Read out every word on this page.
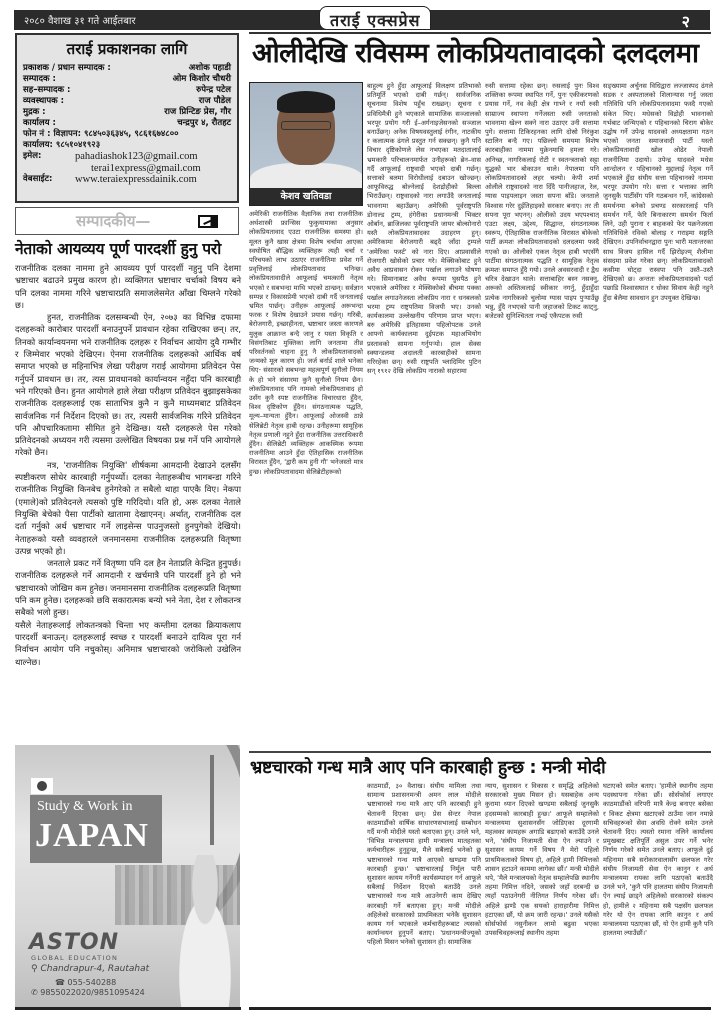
२०८० वैशाख ३१ गते आईतबार	तराई एक्सप्रेस	२
तराई प्रकाशनका लागि
प्रकाशक / प्रधान सम्पादक :	अशोक पहाडी
सम्पादक :	ओम किशोर चौधरी
सह–सम्पादक :	रुपेन्द्र पटेल
व्यवस्थापक :	राज पौडेल
मुद्रक :	राज प्रिन्टिङ प्रेस, गौर
कार्यालय :	चन्द्रपुर ४, रौतहट
फोन नं : विज्ञापन: ९८४५०३६३४५, ९८६१६७४८००
कार्यालय: ९८५१०४१९२३
इमेल:	pahadiashok123@gmail.com
terai1express@gmail.com
वेबसाईट:	www.teraiexpressdainik.com
सम्पादकीय—
नेताको आयव्यय पूर्ण पारदर्शी हुनु परो

राजनीतिक दलका नाममा हुने आयव्यय पूर्ण पारदर्शी नहुनु पनि देशमा भ्रष्टाचार बढाउने प्रमुख कारण हो। व्यक्तिगत भ्रष्टाचार चर्चाको विषय बने पनि दलका नाममा गरिने भ्रष्टाचारप्रति समाजलेसमेत आँखा चिम्लने गरेको छ।

हुनत, राजनीतिक दलसम्बन्धी ऐन, २०७३ का विभिन्न दफामा दलहरूको कारोबार पारदर्शी बनाउनुपर्ने प्रावधान रहेका राखिएका छन्। तर, तिनको कार्यान्वयनमा भने राजनीतिक दलहरू र निर्वाचन आयोग दुवै गम्भीर र जिम्मेवार भएको देखिएन। ऐनमा राजनीतिक दलहरूको आर्थिक वर्ष समाप्त भएको छ महिनाभित्र लेखा परीक्षण गराई आयोगमा प्रतिवेदन पेस गर्नुपर्ने प्रावधान छ। तर, त्यस प्रावधानको कार्यान्वयन नहुँदा पनि कारबाही भने गरिएको छैन। हुनत आयोगले हाले लेखा परीक्षण प्रतिवेदन बुझाइसकेका राजनीतिक दलहरूलाई एक साताभित्र कुनै न कुनै माध्यमबाट प्रतिवेदन सार्वजनिक गर्न निर्देशन दिएको छ। तर, त्यसरी सार्वजनिक गरिने प्रतिवेदन पनि औपचारिकतामा सीमित हुने देखिन्छ। यस्तै दलहरूले पेस गरेको प्रतिवेदनको अध्ययन गरी त्यसमा उल्लेखित विषयका प्रश्न गर्ने पनि आयोगले गरेको छैन।

नत्र, 'राजनीतिक नियुक्ति' शीर्षकमा आमदानी देखाउने दलसँग स्पष्टीकरण सोधेर कारबाही गर्नुपर्थ्यो। दलका नेताहरूबीच भागबन्डा गरिने राजनीतिक नियुक्ति किनबेच हुनेगरेको त सबैलो थाहा पाएकै विए। नेकपा (एमाले)को प्रतिवेदनले त्यसको पुष्टि गरिदियो। यति हो, अरू दलका नेताले नियुक्ति बेचेको पैसा पार्टीको खातामा देखाएनन्। अर्थात्, राजनीतिक दल दर्ता गर्नुको अर्थ भ्रष्टाचार गर्ने लाइसेन्स पाउनुजस्तो हुनपुगेको देखियो। नेताहरूको यस्तै व्यवहारले जनमानसमा राजनीतिक दलहरूप्रति वितृष्णा उत्पन्न भएको हो।

जनताले प्रकट गर्ने वितृष्णा पनि दल हैन नेताप्रति केन्द्रित हुनुपर्छ। राजनीतिक दलहरूले गर्ने आमदानी र खर्चमात्रै पनि पारदर्शी हुने हो भने भ्रष्टाचारको जोखिम कम हुनेछ। जनमानसमा राजनीतिक दलहरूप्रति वितृष्णा पनि कम हुनेछ। दलहरूको छवि सकारात्मक बन्यो भने नेता, देश र लोकतन्त्र सबैको भलो हुन्छ।

यसैले नेताहरूलाई लोकतन्त्रको चिन्ता भए कम्तीमा दलका क्रियाकलाप पारदर्शी बनाऊन्। दलहरूलाई स्वच्छ र पारदर्शी बनाउने दायित्व पूरा गर्न निर्वाचन आयोग पनि नचुकोस्। अनिमात्र भ्रष्टाचारको जरोकिलो उखेलिन थाल्नेछ।

Study & Work in
JAPAN
ASTON
GLOBAL EDUCATION
⚲ Chandrapur-4, Rautahat
☎ 055-540288
✆ 9855022020/9851095424
ओलीदेखि रविसम्म लोकप्रियतावादको दलदलमा
केशव खतिवडा

अमेरिकी राजनीतिक वैज्ञानिक तथा राजनीतिक अर्थशास्त्री फ्रान्सिस फुकुयामाका अनुसार लोकप्रियतावाद एउटा राजनीतिक समस्या हो। मूलत कुनै खास क्षेत्रमा विशेष चर्चामा आएका स्वघोषित बौद्धिक व्यक्तिहरू त्यही चर्चा र परिचयको लाभ उठाएर राजनीतिमा प्रवेश गर्ने प्रवृत्तिलाई लोकप्रियतावाद भनिन्छ। लोकप्रियतावादीले आफूलाई चमत्कारी नेतृत्व भएको र सबभन्दा माथि भएको ठान्छन्। सर्वज्ञान सम्पन्न र विकासप्रेमी भएको दाबी गर्दै जनतालाई भ्रमित पार्छन्। उनीहरू आफूलाई अरूभन्दा फरक र विशेष देखाउने प्रयास गर्छन्। गरिबी, बेरोजगारी, इच्छाहीनता, भ्रष्टाचार जस्ता कारणले मुलुक आक्रान्त बन्दै जानु र यस्ता विकृति र विसंगतिबाट मुक्तिका लागि जनतामा तीव्र परिवर्तनको चाहना हुनु नै लोकप्रियतावादको जन्मको मूल कारण हो। जर्ज बर्नार्ड शाले भनेका थिए- संसारको सबभन्दा महत्वपूर्ण सुनौलो नियम के हो भने संसारमा कुनै सुनौलो नियम छैन। लोकप्रियतावाद पनि नामको लोकप्रियतावाद हो उसँग कुनै स्पष्ट राजनीतिक विचारधारा हुँदैन, विश्व दृष्टिकोण हुँदैन। संगठनात्मक पद्धति, मूल्य–मान्यता हुँदैन। आफूलाई ओजस्वी ठान्ने सेलिब्रेटी नेतृत्व हाबी रहन्छ। उनीहरूमा सामूहिक नेतृत्व प्रणाली नहुने हुँदा राजनीतिक उत्तराधिकारी हुँदैन। सेलिब्रेटी व्यक्तिहरू आकस्मिक रूपमा राजनीतिमा आउने हुँदा ऐतिहासिक राजनीतिक विरासत हुँदैन, 'द्वारी कम हुनी गौ' भनेजस्तो मात्र हुन्छ। लोकप्रियतावादमा सेलिब्रेटीहरूको

बाहुल्य हुने हुँदा आफूलाई विलक्षण प्रतिभाको प्रतिमूर्ति भएको दाबी गर्छन्। सार्वजनिक सूचनामा विशेष पहुँच राख्छन्। सूचना र प्रविधिमैत्री हुने भएकाले सामाजिक सञ्जालको भरपूर प्रयोग गरी ई–अर्गनाइजेसनको सञ्जाल बनाउँछन्। अनेक विषयवस्तुलाई रंगीन, नाटकीय र कलात्मक ढंगले प्रस्तुत गर्न सक्छन्। कुनै पनि विचार दृष्टिकोणले लेस नभएका मतदातालाई भ्रमकारी परिचालनमार्फत उनीहरूको ब्रेन–वास गर्दै आफूलाई राष्ट्रवादी भएको दाबी गर्छन्। सत्ताको बलमा विरोधीलाई दबाउन खोज्छन्। आफूविरुद्ध बोल्नेलाई देशद्रोहीको बिल्ला भिराउँछन्। राष्ट्रवादको नारा लगाउँदै जनतालाई भावनामा बहाउँछन्। अमेरिकी पूर्वराष्ट्रपति डोनाल्ड ट्रम्प, हंगेरीका प्रधानमन्त्री भिक्टर ओर्बान, ब्राजिलका पूर्वराष्ट्रपति जायर बोल्सोनारो यस्तै लोकप्रियतावादका उदाहरण हुन्। अमेरिकामा बेरोजगारी बढ्दै जाँदा ट्रम्पले 'अमेरिका फर्स्ट' को नारा दिए। आप्रवासीले रोजगारी खोसेको प्रचार गरे। मेक्सिकोबाट हुने अवैध आप्रवासन रोक्न पर्खाल लगाउने घोषणा गरे। सिमानाबाट अवैध रूपमा घुसपैठ हुने भएकाले अमेरिका र मेक्सिकोको बीचमा पक्का पर्खाल लगाउनेजस्ता लोकप्रिय नारा र धनबलको भरमा ट्रम्प राष्ट्रपतिमा विजयी भए। उनको कार्यकालमा उल्लेखनीय परिणाम प्राप्त भएन। बरु अमेरिकी इतिहासमा पहिलोपटक उनले आफ्नो कार्यकालमा दुईपटक महाअभियोग प्रस्तावको सामना गर्नुपर्‍यो। हाल सेक्स स्क्यान्डलमा अदालती कारबाहीको सामना गरिरहेका छन्। रुसी राष्ट्रपति भ्लादिमिर पुटिन सन् १९१२ देखि लोकप्रिय नाराको सहारामा

रुसी सत्तामा रहेका छन्। रुसलाई पुनः विश्व शक्तिका रूपमा स्थापित गर्ने, पुनः एकीकरणको प्रयास गर्ने, नव केही क्षेत्र गाभ्ने र नयाँ रुसी साम्राज्य स्थापना गर्नेजस्ता रुसी जनताको भावनामा खेल्न सक्ने नारा उठाएर उनी सत्तामा पुगे। सत्तामा टिकिरहनका लागि दोस्रो निरंकुश स्टालिन बन्दै गए। पछिल्लो समयमा विशेष कारबाहीका नाममा युक्रेनमाथि हमला गरे। अनिच्छ, नागरिकलाई रोटी र स्वतन्त्रताको सट्टा युद्धको भार बोकाउन थाले। नेपालमा पनि लोकप्रियतावादको लहर चल्यो। केपी शर्मा ओलीले राष्ट्रवादको नारा दिँदै पानीजहाज, रेल, ग्यास पाइपलाइन जस्ता सपना बाँडे। जनताले विश्वास गरेर दुईतिहाइको सरकार बनाए। तर ती सपना पूरा भएनन्। ओलीको उदय भएपश्चात् एउटा लक्ष्य, उद्देश्य, सिद्धान्त, संगठनात्मक स्वरूप, ऐतिहासिक राजनीतिक विरासत बोकेको पार्टी क्रमशः लोकप्रियतावादको दलदलमा फस्दै गएको छ। ओलीको एकल नेतृत्व हाबी भएसँगै पार्टीमा संगठनात्मक पद्धति र सामूहिक नेतृत्व क्रमशः समाप्त हुँदै गयो। उनले अवसरवादी र द्वैध चरित्र देखाउन थाले। सत्ताबाहिर बस्न नसक्नु, अरूको अस्तित्वलाई स्वीकार नगर्नु, हुँदाहुँदा प्रत्येक नागरिकको चुलोमा ग्यास पाइप पुर्‍याउँछु भन्नु, हुँदै नभएको पानी जहाजको टिकट काट्नु, बजेटको सुनिश्चितता नभई एकैपटक रुसी

सङ्ख्यामा अर्चुनस विधिद्वारा लज्जास्पद ढंगले सडक र अस्पतालको शिलान्यास गर्नु जस्ता गतिविधि पनि लोकप्रियतावादमा फस्दै गएको संकेत थिए। मधेसको विद्रोही भावनाको गर्भबाट जन्मिएको र पहिचानको चिराग बोकेर उद्घोष गर्ने उपेन्द्र यादवको अध्यक्षतामा गठन भएको जनता समाजवादी पार्टी यस्तो लोकप्रियतावादी खोल ओढेर नेपाली राजनीतिमा उदायो। उपेन्द्र यादवले मधेस आन्दोलन र पहिचानको मुद्दालाई नेतृत्व गर्ने भएकाले हुँदा संघीय सत्ता पहिचानको नाममा भरपूर उपयोग गरे। सत्ता र भत्ताका लागि जुनसुकै पार्टीसँग पनि गठबन्धन गर्ने, कांग्रेसको समर्थनमा बनेको प्रचण्ड सरकारलाई पनि समर्थन गर्ने, फेरि बिनाकारण समर्थन फिर्ता लिने, उही पुराना र बाहकको फेर पक्रनेजस्ता गतिविधिले रविको बोलाइ र गराइमा सङ्गति देखिएन। उपनिर्वाचनद्वारा पुनः भारी मतान्तरका साथ विजय हासिल गर्दै झिरोइज्म् शैलीमा संसदमा प्रवेश गरेका छन्। लोकप्रियतावादको कसीमा घोट्दा रास्वपा पनि उस्तै–उस्तै देखिएको छ। अन्ततः लोकप्रियतावादको पर्दा पछाडि विश्वासघात र धोका सिवाय केही नहुने हुँदा बेलैमा सावधान हुन उपयुक्त देखिन्छ।

भ्रष्टचारको गन्ध मात्रै आए पनि कारबाही हुन्छ : मन्त्री मोदी

काठमाडौं, ३० वैशाख। संघीय मामिला तथा सामान्य प्रशासनमन्त्री अमन लाल मोदीले भ्रष्टाचारको गन्ध मात्रै आए पनि कारबाही हुने चेतावनी दिएका छन्। प्रेस सेन्टर नेपाल काठमाडौंको वार्षिक साधारणसभालाई सम्बोधन गर्दै मन्त्री मोदीले यस्तो बताएका हुन्। उनले भने, 'विभिन्न मन्त्रालयमा हामी मन्त्रालय मातहतका कर्मचारीहरू हुनुहुन्छ, मैले सबैलाई भनेको छु भ्रष्टाचारको गन्ध मात्रै आएको खण्डमा पनि कारबाही हुन्छ।' भ्रष्टाचारलाई निर्मूल पारी सुशासन कायम गर्नेगरी कार्यसम्पादन गर्न आफूले सबैलाई निर्देशन दिएको बताउँदै उनले भ्रष्टाचारको गन्ध मात्रै आउनेगरी काम देखिए कारबाही गर्ने बताएका हुन्। मन्त्री मोदीले अहिलेको सरकारको प्राथमिकता भनेकै सुशासन कायम गर्न भएकाले कर्मचारीहरूबाट त्यसको कार्यान्वयन हुनुपर्ने बताए। 'प्रधानमन्त्रीज्यूको पहिलो मिसन भनेको सुशासन हो। सामाजिक

न्याय, सुशासन र विकास र समृद्धि अहिलेको सरकारको मुख्य मिसन हो। यसबाहेक अन्य कुरामा ध्यान दिएको खण्डमा सबैलाई जुनसुकै हदसम्मको कारबाही हुन्छ।' आफूले सम्हालेको मन्त्रालयमा सुशासनसँग जोडिएका दूरगामी महत्वका कामहरू अगाडि बढाएको बताउँदै उनले भने, 'संघीय निजामती सेवा ऐन ल्याउने र सुशासन कायम गर्ने विषय नै मेरो पहिलो प्राथमिकताको विषय हो, अहिले हामी निमित्तको शासन हटाउने काममा लागेका छौं।' मन्त्री मोदीले थपे, 'मैले मन्त्रालयको नेतृत्व सम्हालेपछि स्थानीय तहमा निमित्त नदिने, जसको जहाँ दरबन्दी छ त्यहाँ पठाउनेगरी नीतिगत निर्णय गरेका छौं। अहिले झण्डै एक सयको हाराहारीमा निमित्त हटाएका छौं, यो क्रम जारी रहन्छ।' उनले यसैको सोर्सफोर्स नसुनीकन लामो बढुवा भएका उपसचिवहरूलाई स्थानीय तहमा

घटाएको समेत बताए। 'हामीले स्थानीय तहमा पदस्थापना गरेका छौं। सोर्सफोर्स लगाएर काठमाडौंको वरिपरी मात्रै केन्द्र बनाएर बसेका र विकट क्षेत्रमा खटाएको ठाउँमा जान नमान्ने सचिवहरूको सेवा अवधि रोक्ने समेत उनले चेतावनी दिए। त्यस्तो रमाना नलिने कार्यालय प्रमुखबाट क्षतिपूर्ति असुल उपर गर्ने भनेर निर्णय गरेको समेत उनले बताए। आफूले दुई महिनामा सबै सरोकारवालासँग छलफल गरेर संघीय निजामती सेवा ऐन कानुन र अर्थ मन्त्रालयमा रायका लागि पठाएको बताउँदै उनले भने, 'कुनै पनि हालतमा संघीय निजामती ऐन ल्याई छाड्ने अहिलेको सरकारको संकल्प हो, हामीले २ महिनामा सबै पक्षसँग छलफल गरेर यो ऐन रायका लागि कानुन र अर्थ मन्त्रालयमा पठाएका छौं, यो ऐन हामी कुनै पनि हालतमा ल्याउँछौं।'
